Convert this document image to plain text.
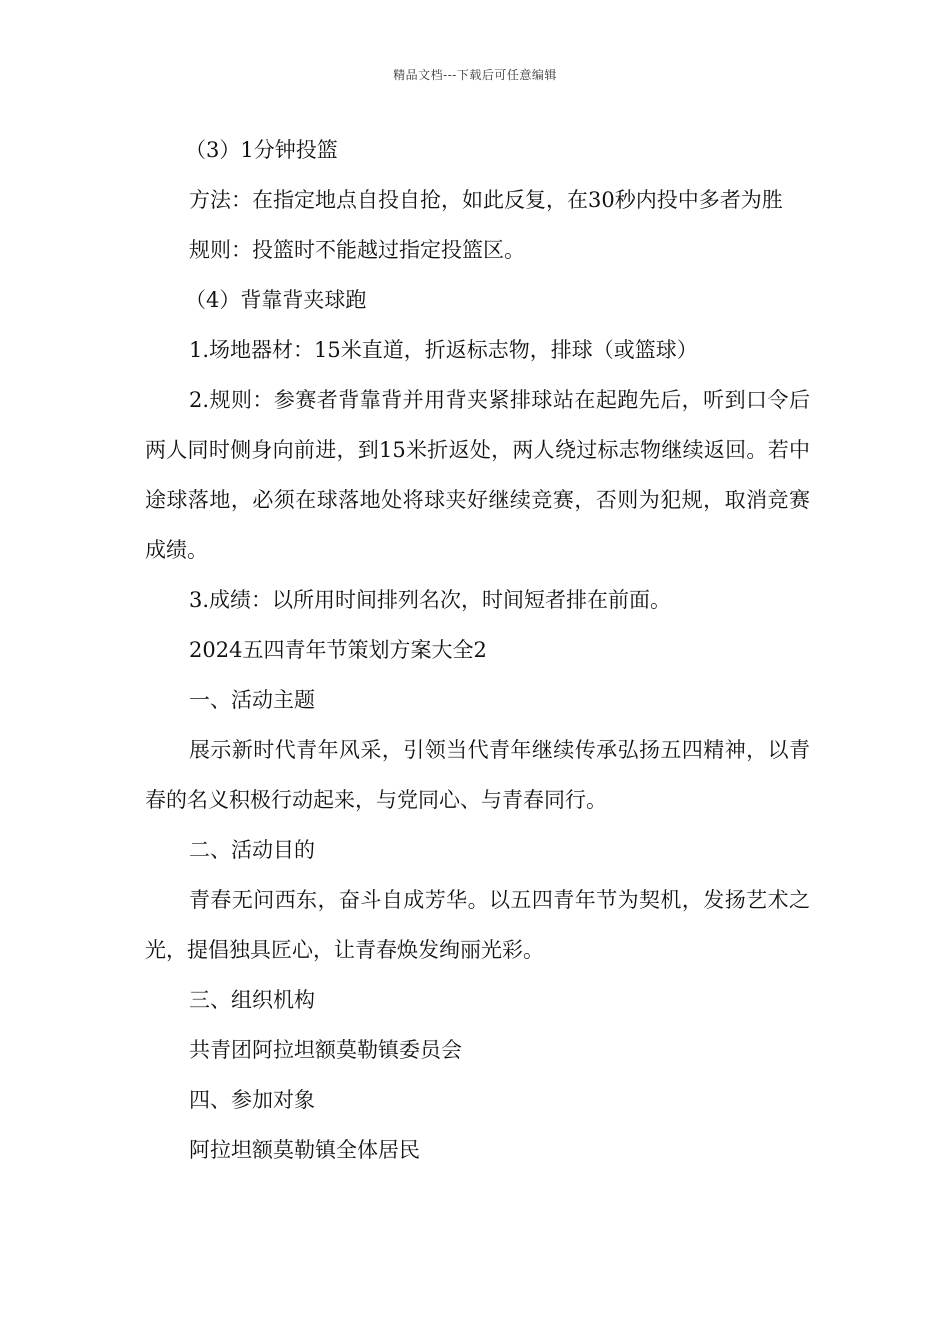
精品文档---下载后可任意编辑

（3）1分钟投篮

方法：在指定地点自投自抢，如此反复，在30秒内投中多者为胜

规则：投篮时不能越过指定投篮区。

（4）背靠背夹球跑

1.场地器材：15米直道，折返标志物，排球（或篮球）

2.规则：参赛者背靠背并用背夹紧排球站在起跑先后，听到口令后两人同时侧身向前进，到15米折返处，两人绕过标志物继续返回。若中途球落地，必须在球落地处将球夹好继续竞赛，否则为犯规，取消竞赛成绩。

3.成绩：以所用时间排列名次，时间短者排在前面。

2024五四青年节策划方案大全2

一、活动主题

展示新时代青年风采，引领当代青年继续传承弘扬五四精神，以青春的名义积极行动起来，与党同心、与青春同行。

二、活动目的

青春无问西东，奋斗自成芳华。以五四青年节为契机，发扬艺术之光，提倡独具匠心，让青春焕发绚丽光彩。

三、组织机构

共青团阿拉坦额莫勒镇委员会

四、参加对象

阿拉坦额莫勒镇全体居民
